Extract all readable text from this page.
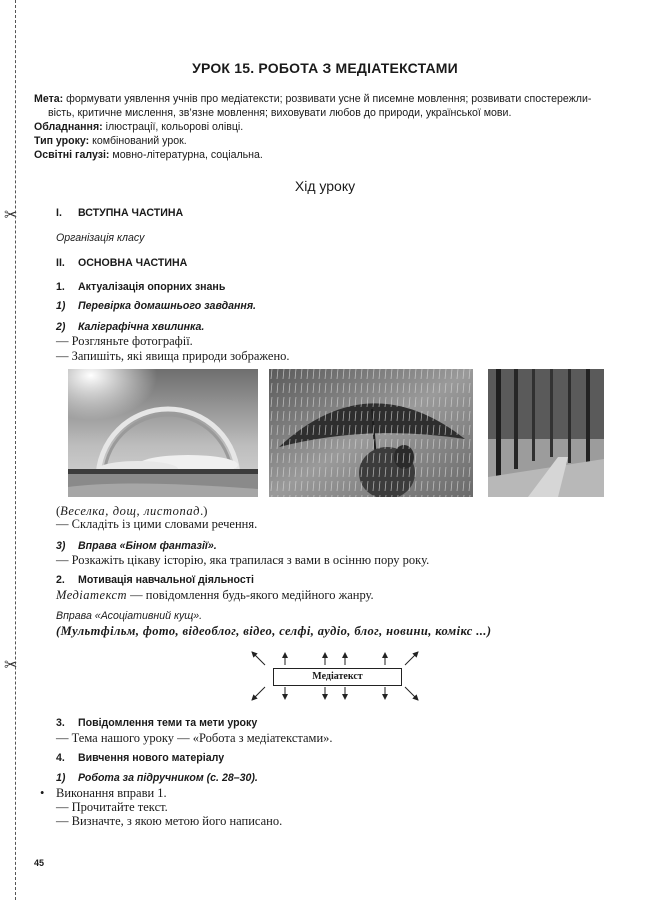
✂
✂
УРОК 15. РОБОТА З МЕДІАТЕКСТАМИ
Мета: формувати уявлення учнів про медіатексти; розвивати усне й писемне мовлення; розвивати спостережли-
вість, критичне мислення, зв’язне мовлення; виховувати любов до природи, української мови.
Обладнання: ілюстрації, кольорові олівці.
Тип уроку: комбінований урок.
Освітні галузі: мовно-літературна, соціальна.
Хід уроку
I. ВСТУПНА ЧАСТИНА
Організація класу
II. ОСНОВНА ЧАСТИНА
1. Актуалізація опорних знань
1) Перевірка домашнього завдання.
2) Каліграфічна хвилинка.
— Розгляньте фотографії.
— Запишіть, які явища природи зображено.
(Веселка, дощ, листопад.)
— Складіть із цими словами речення.
3) Вправа «Біном фантазії».
— Розкажіть цікаву історію, яка трапилася з вами в осінню пору року.
2. Мотивація навчальної діяльності
Медіатекст — повідомлення будь-якого медійного жанру.
Вправа «Асоціативний кущ».
(Мультфільм, фото, відеоблог, відео, селфі, аудіо, блог, новини, комікс ...)
Медіатекст
3. Повідомлення теми та мети уроку
— Тема нашого уроку — «Робота з медіатекстами».
4. Вивчення нового матеріалу
1) Робота за підручником (с. 28–30).
• Виконання вправи 1.
— Прочитайте текст.
— Визначте, з якою метою його написано.
45
